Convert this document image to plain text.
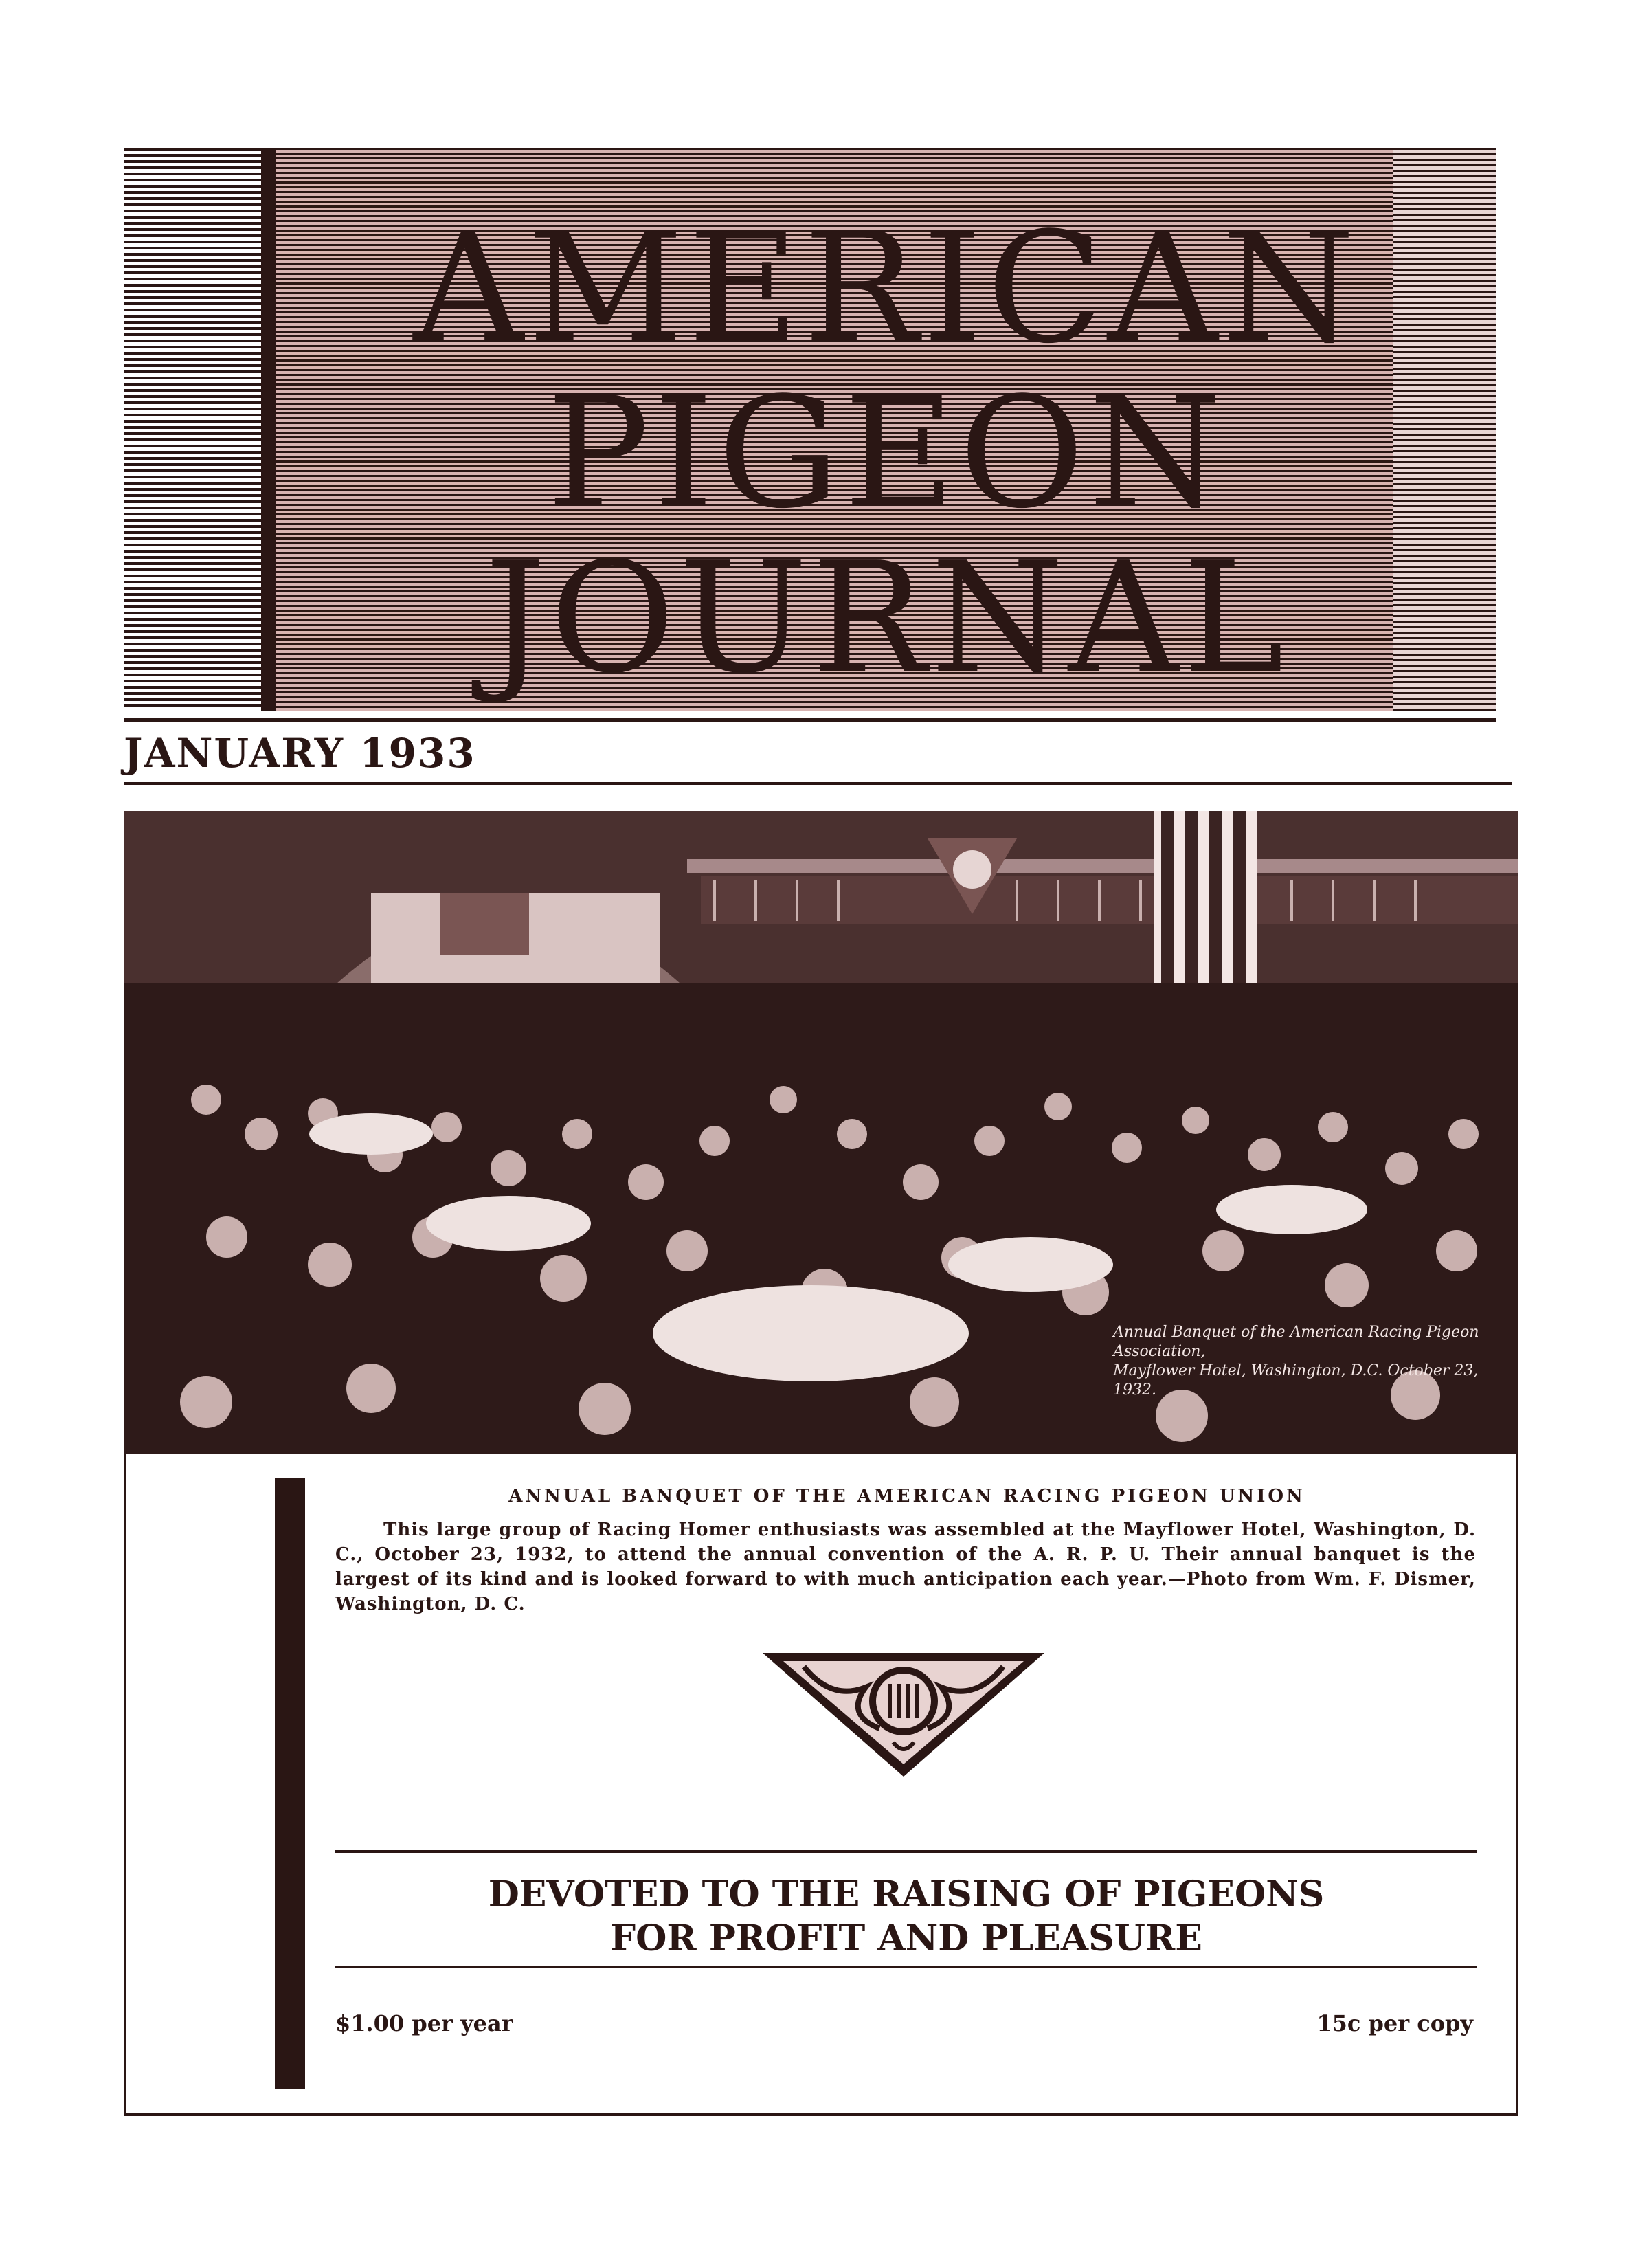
AMERICAN
PIGEON
JOURNAL
JANUARY 1933
Annual Banquet of the American Racing Pigeon Association,
Mayflower Hotel, Washington, D.C. October 23, 1932.
ANNUAL BANQUET OF THE AMERICAN RACING PIGEON UNION
This large group of Racing Homer enthusiasts was assembled at the Mayflower Hotel, Washington, D. C., October 23, 1932, to attend the annual convention of the A. R. P. U. Their annual banquet is the largest of its kind and is looked forward to with much anticipation each year.—Photo from Wm. F. Dismer, Washington, D. C.
DEVOTED TO THE RAISING OF PIGEONS
FOR PROFIT AND PLEASURE
$1.00 per year	15c per copy
